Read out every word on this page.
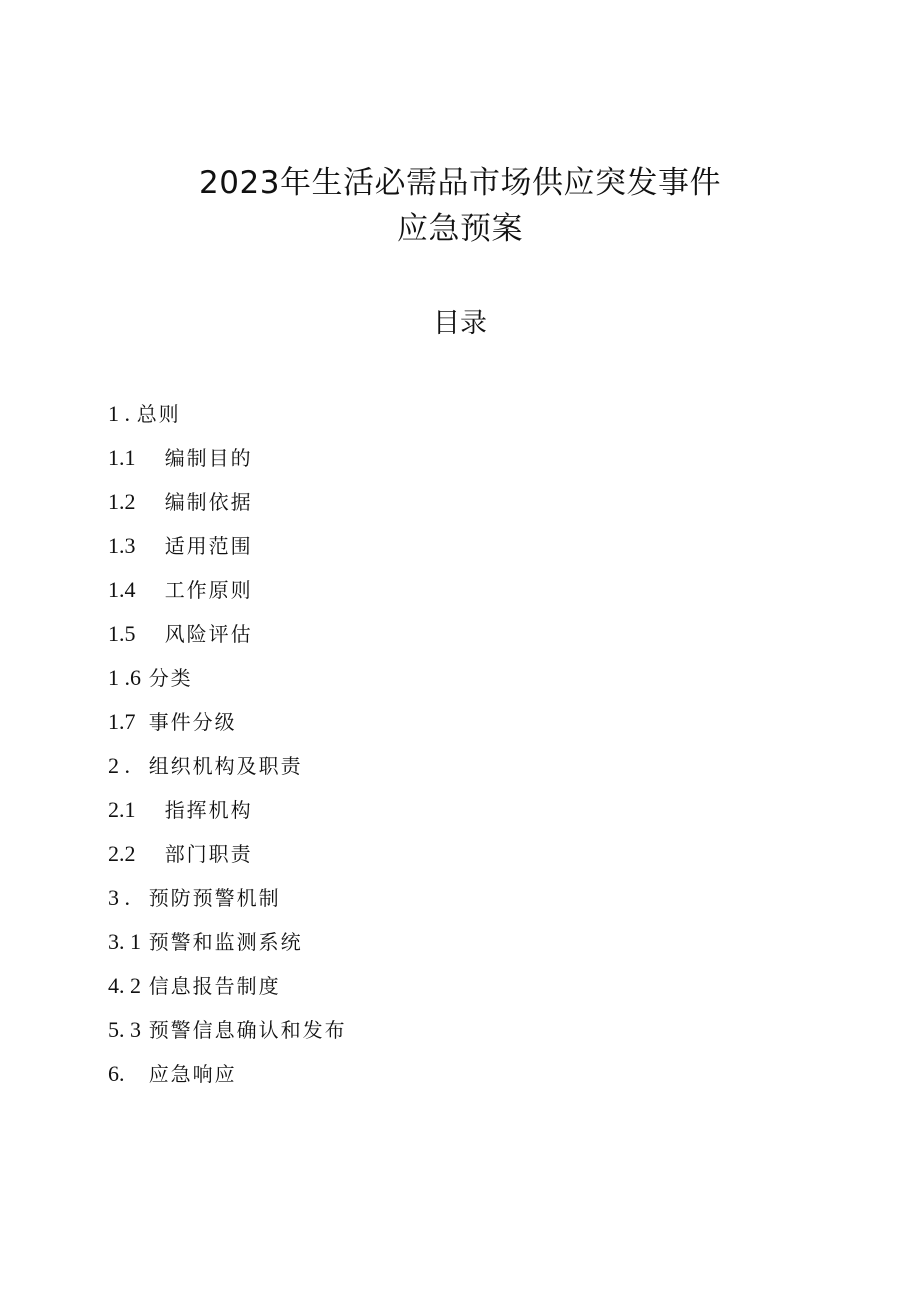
2023年生活必需品市场供应突发事件
应急预案
目录
1 . 总则
1.1 编制目的
1.2 编制依据
1.3 适用范围
1.4 工作原则
1.5 风险评估
1 .6 分类
1.7 事件分级
2 . 组织机构及职责
2.1 指挥机构
2.2 部门职责
3 . 预防预警机制
3. 1 预警和监测系统
4. 2 信息报告制度
5. 3 预警信息确认和发布
6. 应急响应
